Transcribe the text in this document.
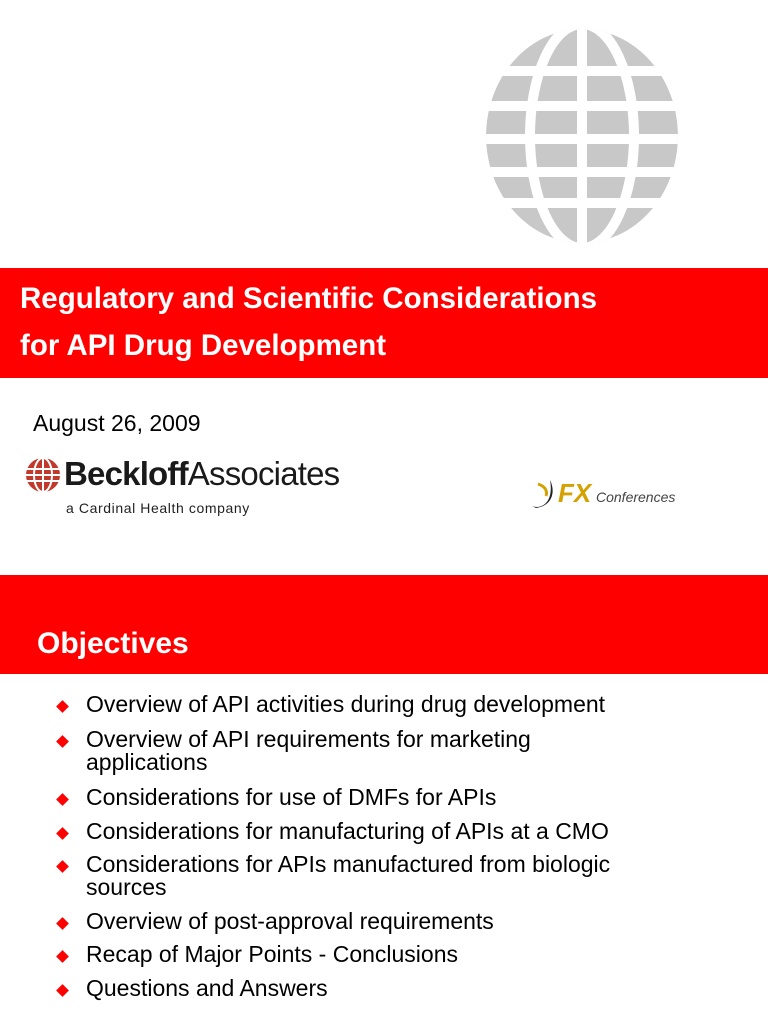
Regulatory and Scientific Considerations
for API Drug Development
August 26, 2009
BeckloffAssociates
a Cardinal Health company	FX Conferences
Objectives
Overview of API activities during drug development
Overview of API requirements for marketing
applications
Considerations for use of DMFs for APIs
Considerations for manufacturing of APIs at a CMO
Considerations for APIs manufactured from biologic
sources
Overview of post-approval requirements
Recap of Major Points - Conclusions
Questions and Answers
